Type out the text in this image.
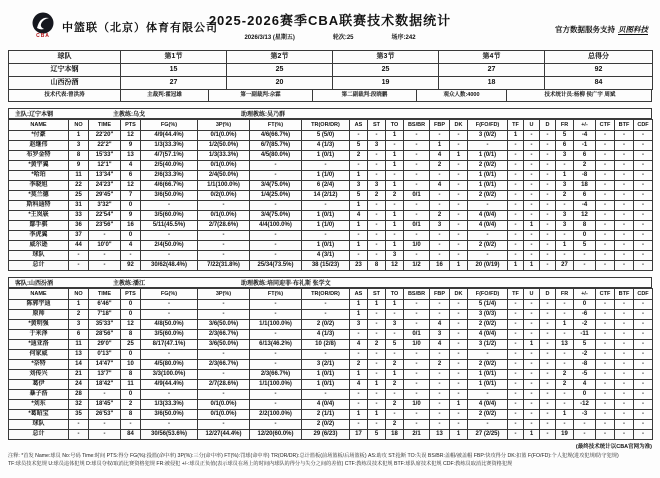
CBA
中篮联（北京）体育有限公司
2025-2026赛季CBA联赛技术数据统计
2026/3/13 (星期五)	轮次:25	场序:242
官方数据服务支持 贝图科技
球队	第1节	第2节	第3节	第4节	总得分
辽宁本钢	15	25	25	27	92
山西汾酒	27	20	19	18	84
技术代表:曾洪涛	主裁判:霍冠雄	第一副裁判:佘霖	第二副裁判:段晓鹏	观众人数:4000	技术统计员:杨柳 侯广宇 周斌
主队:辽宁本钢	主教练:乌戈	助理教练:吴乃群
NAME	NO	TIME	PTS	FG(%)	3P(%)	FT(%)	TR(OR/DR)	AS	ST	TO	BS/BR	FBP	DK	F(FO/FD)	TF	U	D	FR	+/-	CTF	BTF	CDF
*付豪	1	22'20"	12	4/9(44.4%)	0/1(0.0%)	4/6(66.7%)	5 (5/0)	-	-	1	-	-	-	3 (0/2)	1	-	-	5	-4	-	-	-
赵继伟	3	22'2"	9	1/3(33.3%)	1/2(50.0%)	6/7(85.7%)	4 (1/3)	5	3	-	-	1	-	-	-	-	-	6	-1	-	-	-
布罗金特	8	15'33"	13	4/7(57.1%)	1/3(33.3%)	4/5(80.0%)	1 (0/1)	2	-	1	-	4	1	1 (0/1)	-	-	-	3	6	-	-	-
*黄宇翼	9	12'1"	4	2/5(40.0%)	0/1(0.0%)	-	-	-	-	1	-	2	-	2 (0/2)	-	-	-	-	2	-	-	-
*哈珀	11	13'34"	6	2/6(33.3%)	2/4(50.0%)	-	1 (1/0)	1	-	-	-	-	-	1 (0/1)	-	-	-	1	-8	-	-	-
李晓旭	22	24'23"	12	4/6(66.7%)	1/1(100.0%)	3/4(75.0%)	6 (2/4)	3	3	1	-	4	-	1 (0/1)	-	-	-	3	18	-	-	-
*莫兰德	25	29'45"	7	3/6(50.0%)	0/2(0.0%)	1/4(25.0%)	14 (2/12)	5	2	2	0/1	-	-	2 (0/2)	-	-	-	2	6	-	-	-
斯科迪特	31	3'32"	0	-	-	-	-	1	-	-	-	-	-	-	-	-	-	-	-4	-	-	-
*王岚嵚	33	22'54"	9	3/5(60.0%)	0/1(0.0%)	3/4(75.0%)	1 (0/1)	4	-	1	-	2	-	4 (0/4)	-	-	-	3	12	-	-	-
鄢手骐	36	23'56"	16	5/11(45.5%)	2/7(28.6%)	4/4(100.0%)	1 (1/0)	1	-	1	0/1	3	-	4 (0/4)	-	1	-	3	8	-	-	-
李虎翼	37	-	0	-	-	-	-	-	-	-	-	-	-	-	-	-	-	-	0	-	-	-
威尔逊	44	10'0"	4	2/4(50.0%)	-	-	1 (0/1)	1	-	1	1/0	-	-	2 (0/2)	-	-	-	1	5	-	-	-
球队	-	-	-	-	-	-	4 (3/1)	-	-	3	-	-	-	-	-	-	-	-	-	-	-	-
总计	-	-	92	30/62(48.4%)	7/22(31.8%)	25/34(73.5%)	38 (15/23)	23	8	12	1/2	16	1	20 (0/19)	1	1	-	27	-	-	-	-
客队:山西汾酒	主教练:潘江	助理教练:培同迎菲·布礼斯 张学文
NAME	NO	TIME	PTS	FG(%)	3P(%)	FT(%)	TR(OR/DR)	AS	ST	TO	BS/BR	FBP	DK	F(FO/FD)	TF	U	D	FR	+/-	CTF	BTF	CDF
陈郭宇迪	1	6'46"	0	-	-	-	-	1	1	1	-	-	-	5 (1/4)	-	-	-	-	0	-	-	-
原帅	2	7'18"	0	-	-	-	-	1	-	-	-	-	-	3 (0/3)	-	-	-	-	-6	-	-	-
*黄明强	3	35'33"	12	4/8(50.0%)	3/6(50.0%)	1/1(100.0%)	2 (0/2)	3	-	3	-	4	-	2 (0/2)	-	-	-	1	-2	-	-	-
于米泽	6	28'56"	8	3/5(60.0%)	2/3(66.7%)	-	4 (1/3)	-	-	-	0/1	3	-	4 (0/4)	-	-	-	-	-11	-	-	-
*迪亚洛	11	29'0"	25	8/17(47.1%)	3/6(50.0%)	6/13(46.2%)	10 (2/8)	4	2	5	1/0	4	-	3 (1/2)	-	1	-	13	5	-	-	-
何家威	13	0'13"	0	-	-	-	-	-	-	-	-	-	-	-	-	-	-	-	-2	-	-	-
*奈特	14	14'47"	10	4/5(80.0%)	2/3(66.7%)	-	3 (2/1)	2	-	2	-	2	-	2 (0/2)	-	-	-	-	-8	-	-	-
刘传兴	21	13'7"	8	3/3(100.0%)	-	2/3(66.7%)	1 (0/1)	1	-	1	-	-	-	1 (0/1)	-	-	-	2	-5	-	-	-
葛伊	24	18'42"	11	4/9(44.4%)	2/7(28.6%)	1/1(100.0%)	1 (0/1)	4	1	2	-	-	-	1 (0/1)	-	-	-	2	4	-	-	-
暴子浩	28	-	0	-	-	-	-	-	-	-	-	-	-	-	-	-	-	-	0	-	-	-
*刘东	32	18'45"	2	1/3(33.3%)	0/1(0.0%)	-	4 (0/4)	-	-	2	1/0	-	1	4 (0/4)	-	-	-	-	-12	-	-	-
*葛昭宝	35	26'53"	8	3/6(50.0%)	0/1(0.0%)	2/2(100.0%)	2 (1/1)	1	1	-	-	-	-	2 (0/2)	-	-	-	1	-3	-	-	-
球队	-	-	-	-	-	-	2 (0/2)	-	-	2	-	-	-	-	-	-	-	-	-	-	-	-
总计	-	-	84	30/56(53.6%)	12/27(44.4%)	12/20(60.0%)	29 (6/23)	17	5	18	2/1	13	1	27 (2/25)	-	1	-	19	-	-	-	-
(最终技术统计以CBA官网为准)
注释: *首发 Name:球员 No:号码 Time:时间 PTS:得分 FG(%):投篮(命中率) 3P(%):三分(命中率) FT(%):罚球(命中率) TR(OR/DR):总计篮板(前场篮板/后场篮板) AS:助攻 ST:抢断 TO:失误 BS/BR:盖帽/被盖帽 FBP:快攻得分 DK:扣篮 F(FO/FD):个人犯规(进攻犯规/防守犯规)
TF:球员技术犯规 U:球员违体犯规 D:球员夺权/取消比赛资格犯规 FR:被侵犯 +/-:球员正负值(表示球员在场上的时间内球队的得分与失分之间的差值) CTF:教练员技术犯规 BTF:球队席技术犯规 CDF:教练员取消比赛资格犯规
